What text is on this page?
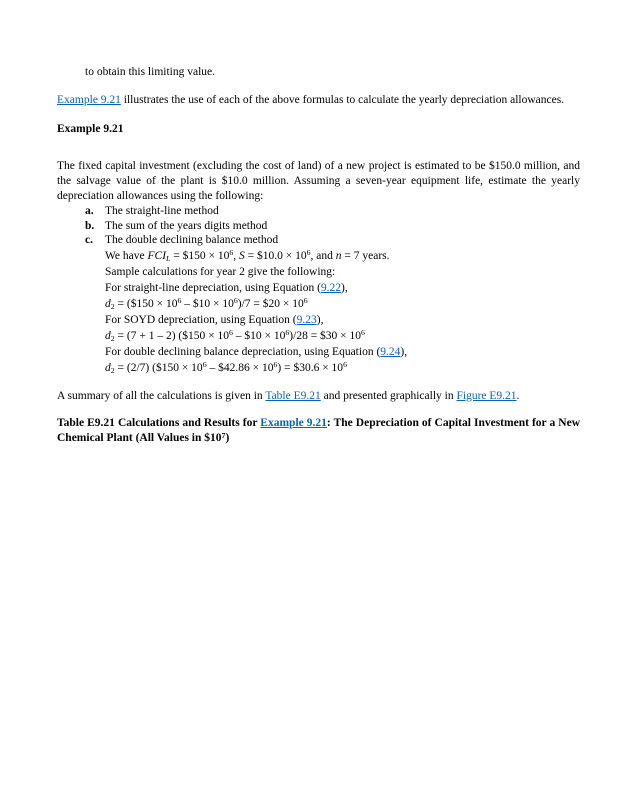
to obtain this limiting value.

Example 9.21 illustrates the use of each of the above formulas to calculate the yearly depreciation allowances.

Example 9.21

The fixed capital investment (excluding the cost of land) of a new project is estimated to be $150.0 million, and the salvage value of the plant is $10.0 million. Assuming a seven-year equipment life, estimate the yearly depreciation allowances using the following:

a. The straight-line method
b. The sum of the years digits method
c. The double declining balance method
We have $FCI_L$ = $150 × $10^6$, S = $10.0 × $10^6$, and n = 7 years.
Sample calculations for year 2 give the following:
For straight-line depreciation, using Equation (9.22),
$d_2$ = ($150 × $10^6$ – $10 × $10^6)/7$ = $20 × $10^6$
For SOYD depreciation, using Equation (9.23),
$d_2 = (7 + 1 - 2)$ ($150 × $10^6$ – $10 × $10^6)/28$ = $30 × $10^6$
For double declining balance depreciation, using Equation (9.24),
$d_2 = (2/7)$ ($150 × $10^6$ – $42.86 × $10^6$) = $30.6 × $10^6$

A summary of all the calculations is given in Table E9.21 and presented graphically in Figure E9.21.

Table E9.21 Calculations and Results for Example 9.21: The Depreciation of Capital Investment for a New Chemical Plant (All Values in $\$10^7$)
